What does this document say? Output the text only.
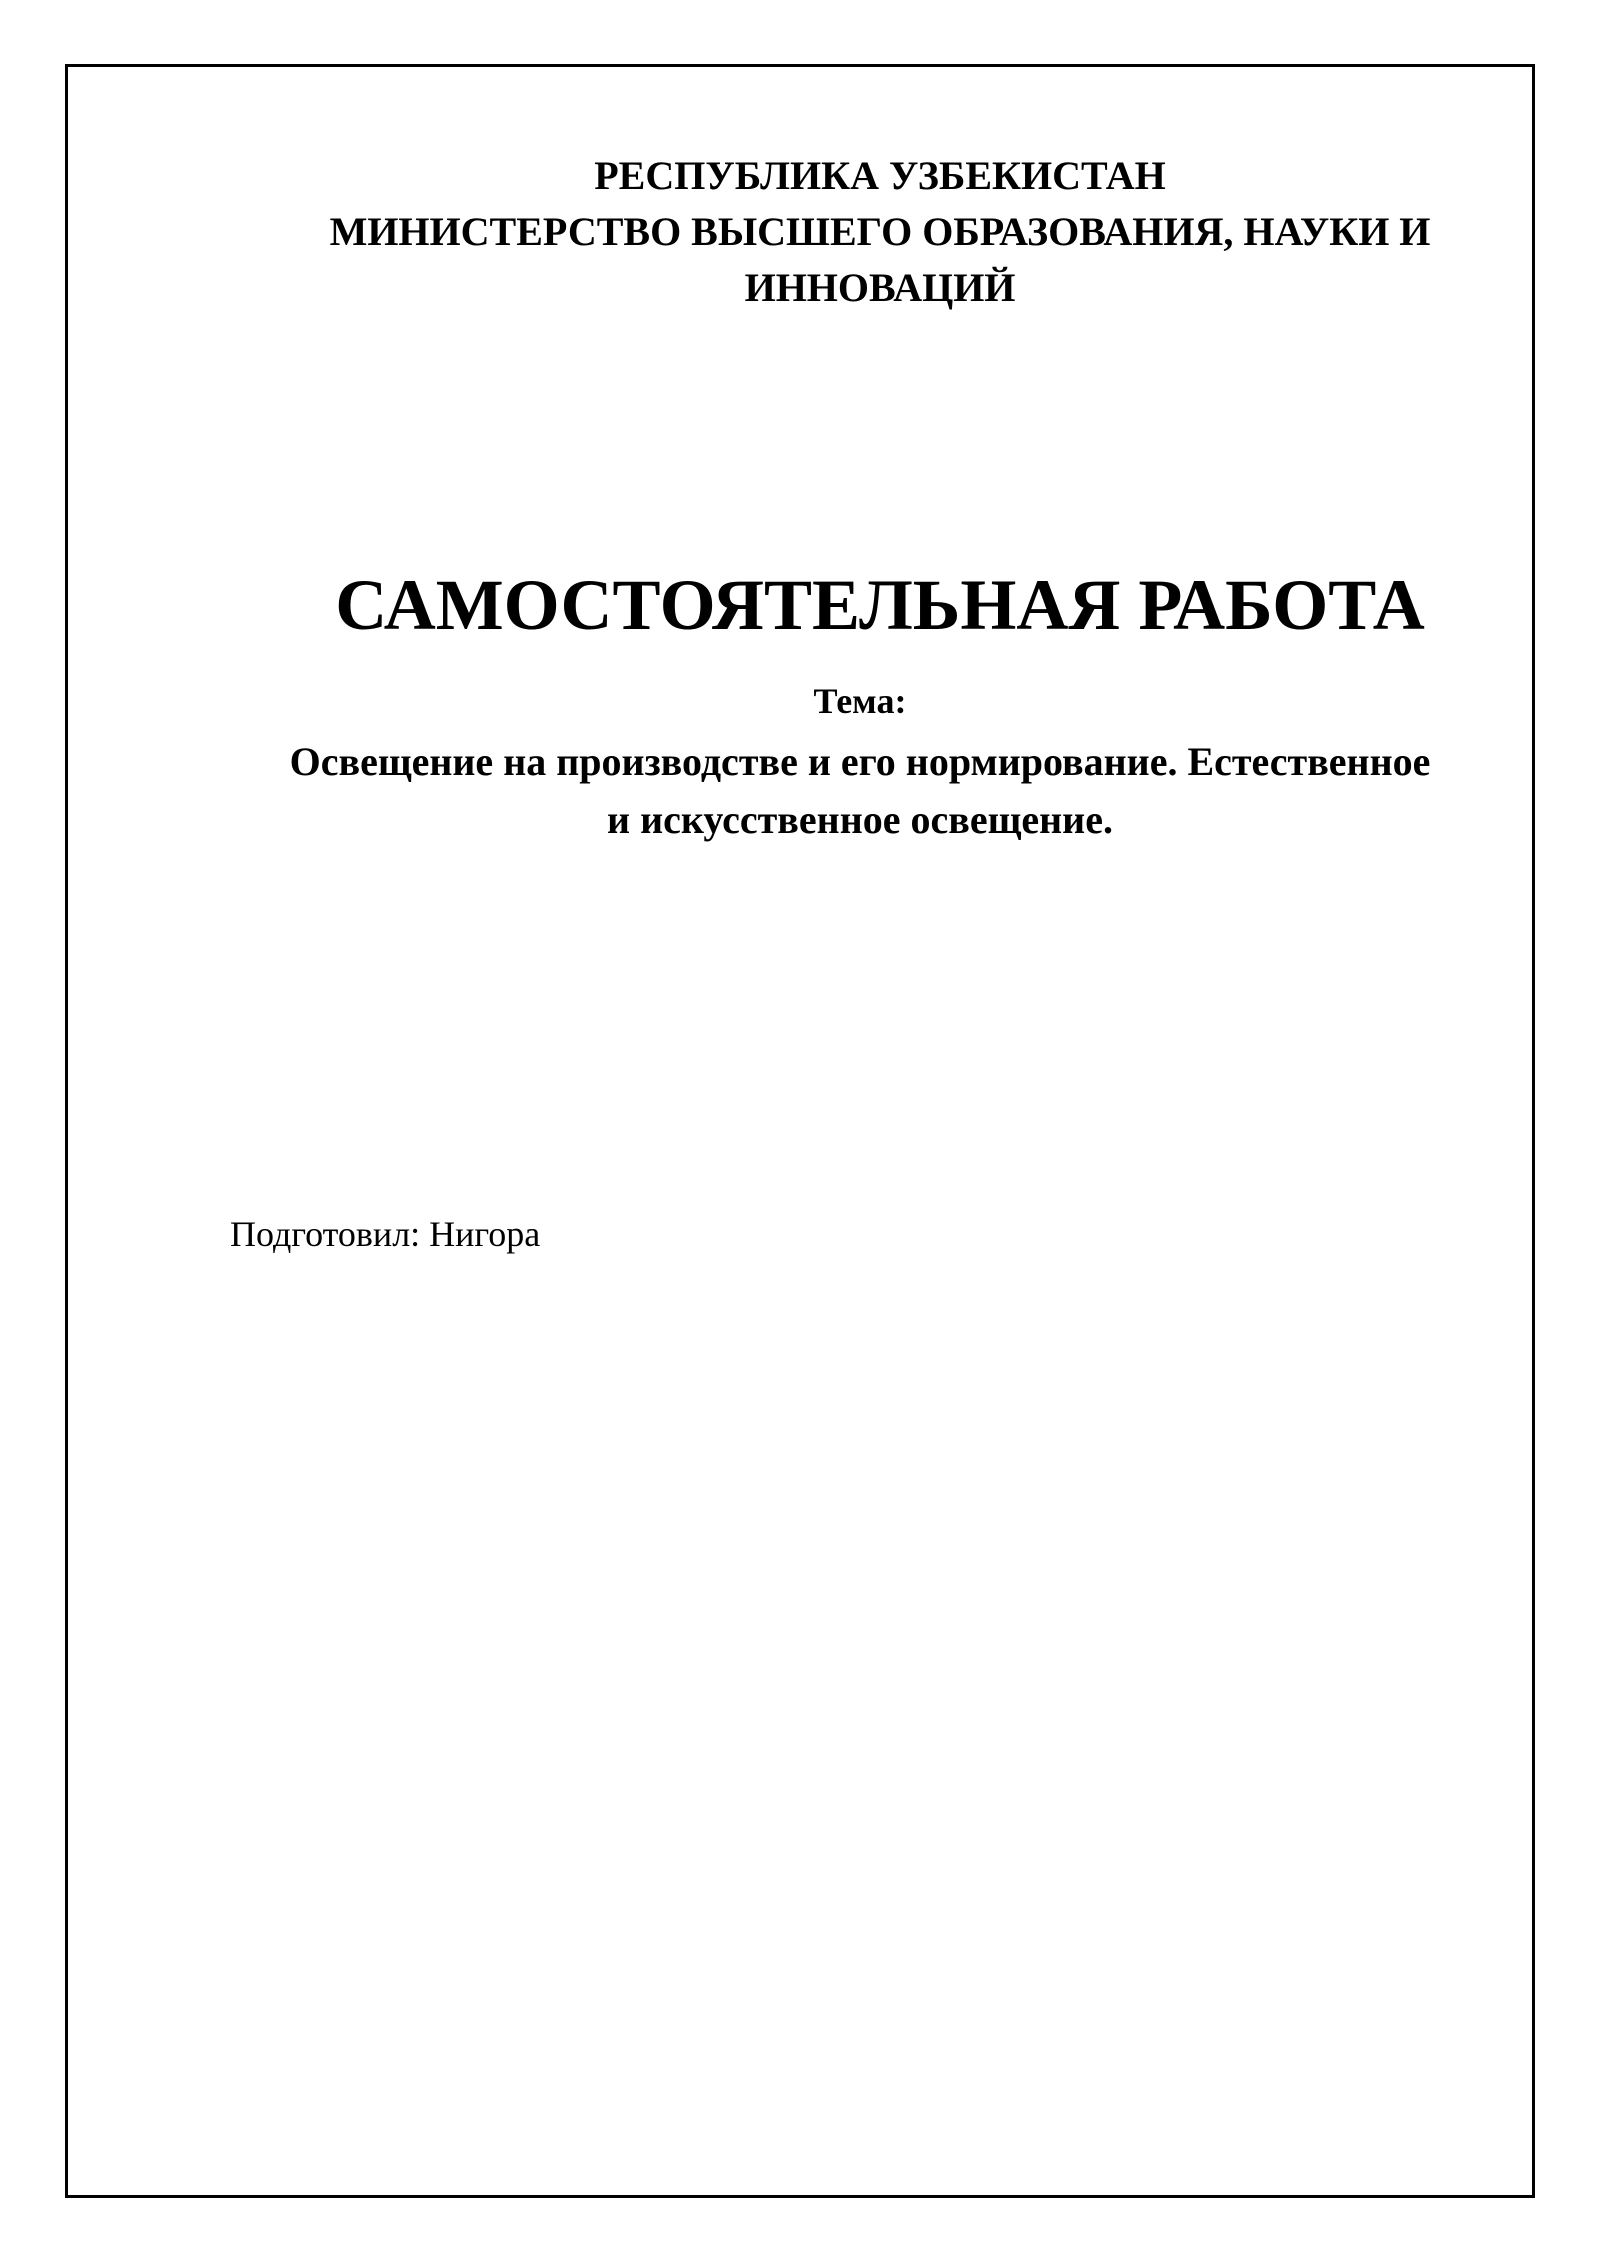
РЕСПУБЛИКА УЗБЕКИСТАН
МИНИСТЕРСТВО ВЫСШЕГО ОБРАЗОВАНИЯ, НАУКИ И
ИННОВАЦИЙ
САМОСТОЯТЕЛЬНАЯ РАБОТА
Тема:
Освещение на производстве и его нормирование. Естественное
и искусственное освещение.
Подготовил: Нигора
